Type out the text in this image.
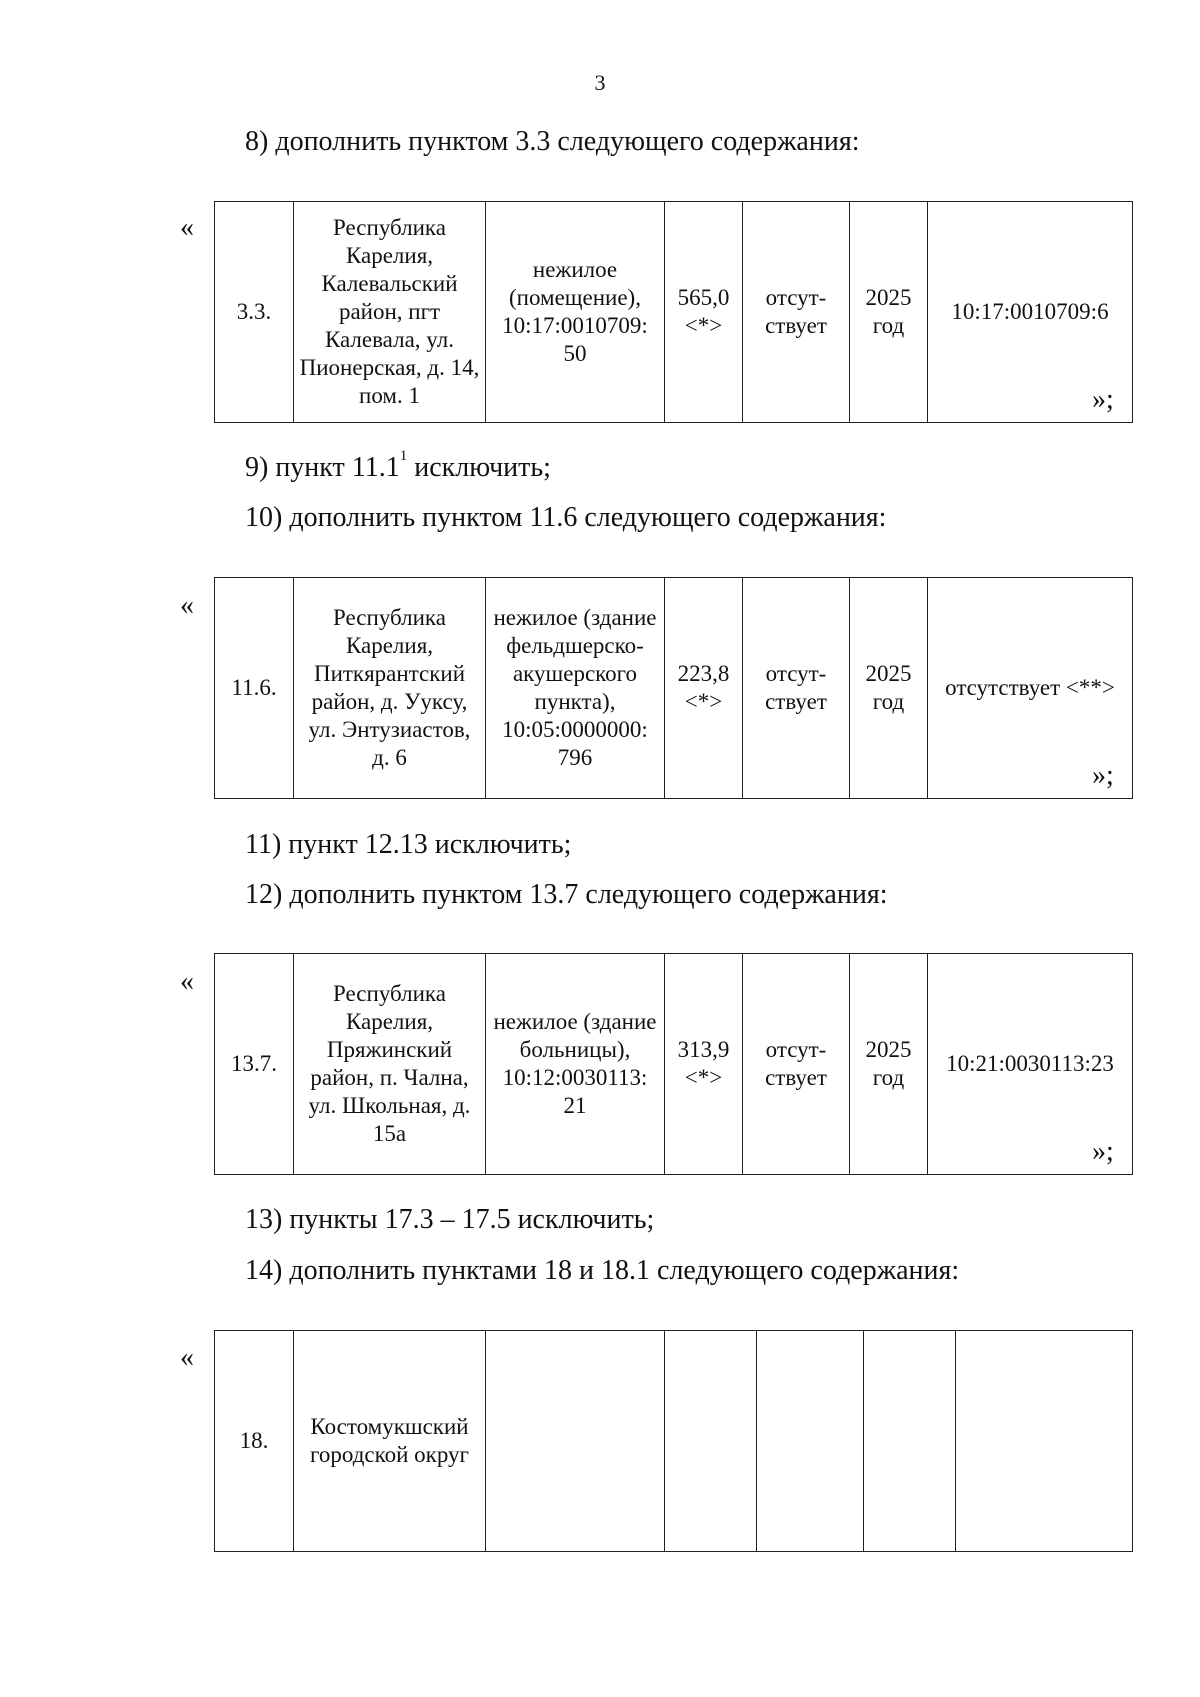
3
8) дополнить пунктом 3.3 следующего содержания:
«
3.3.	Республика Карелия, Калевальский район, пгт Калевала, ул. Пионерская, д. 14, пом. 1	нежилое (помещение), 10:17:0010709: 50	565,0 <*>	отсут-ствует	2025 год	10:17:0010709:6
»;
9) пункт 11.1$^1$ исключить;
10) дополнить пунктом 11.6 следующего содержания:
«
11.6.	Республика Карелия, Питкярантский район, д. Ууксу, ул. Энтузиастов, д. 6	нежилое (здание фельдшерско-акушерского пункта), 10:05:0000000: 796	223,8 <*>	отсут-ствует	2025 год	отсутствует <**>
»;
11) пункт 12.13 исключить;
12) дополнить пунктом 13.7 следующего содержания:
«
13.7.	Республика Карелия, Пряжинский район, п. Чална, ул. Школьная, д. 15а	нежилое (здание больницы), 10:12:0030113: 21	313,9 <*>	отсут-ствует	2025 год	10:21:0030113:23
»;
13) пункты 17.3 – 17.5 исключить;
14) дополнить пунктами 18 и 18.1 следующего содержания:
«
18.	Костомукшский городской округ					
